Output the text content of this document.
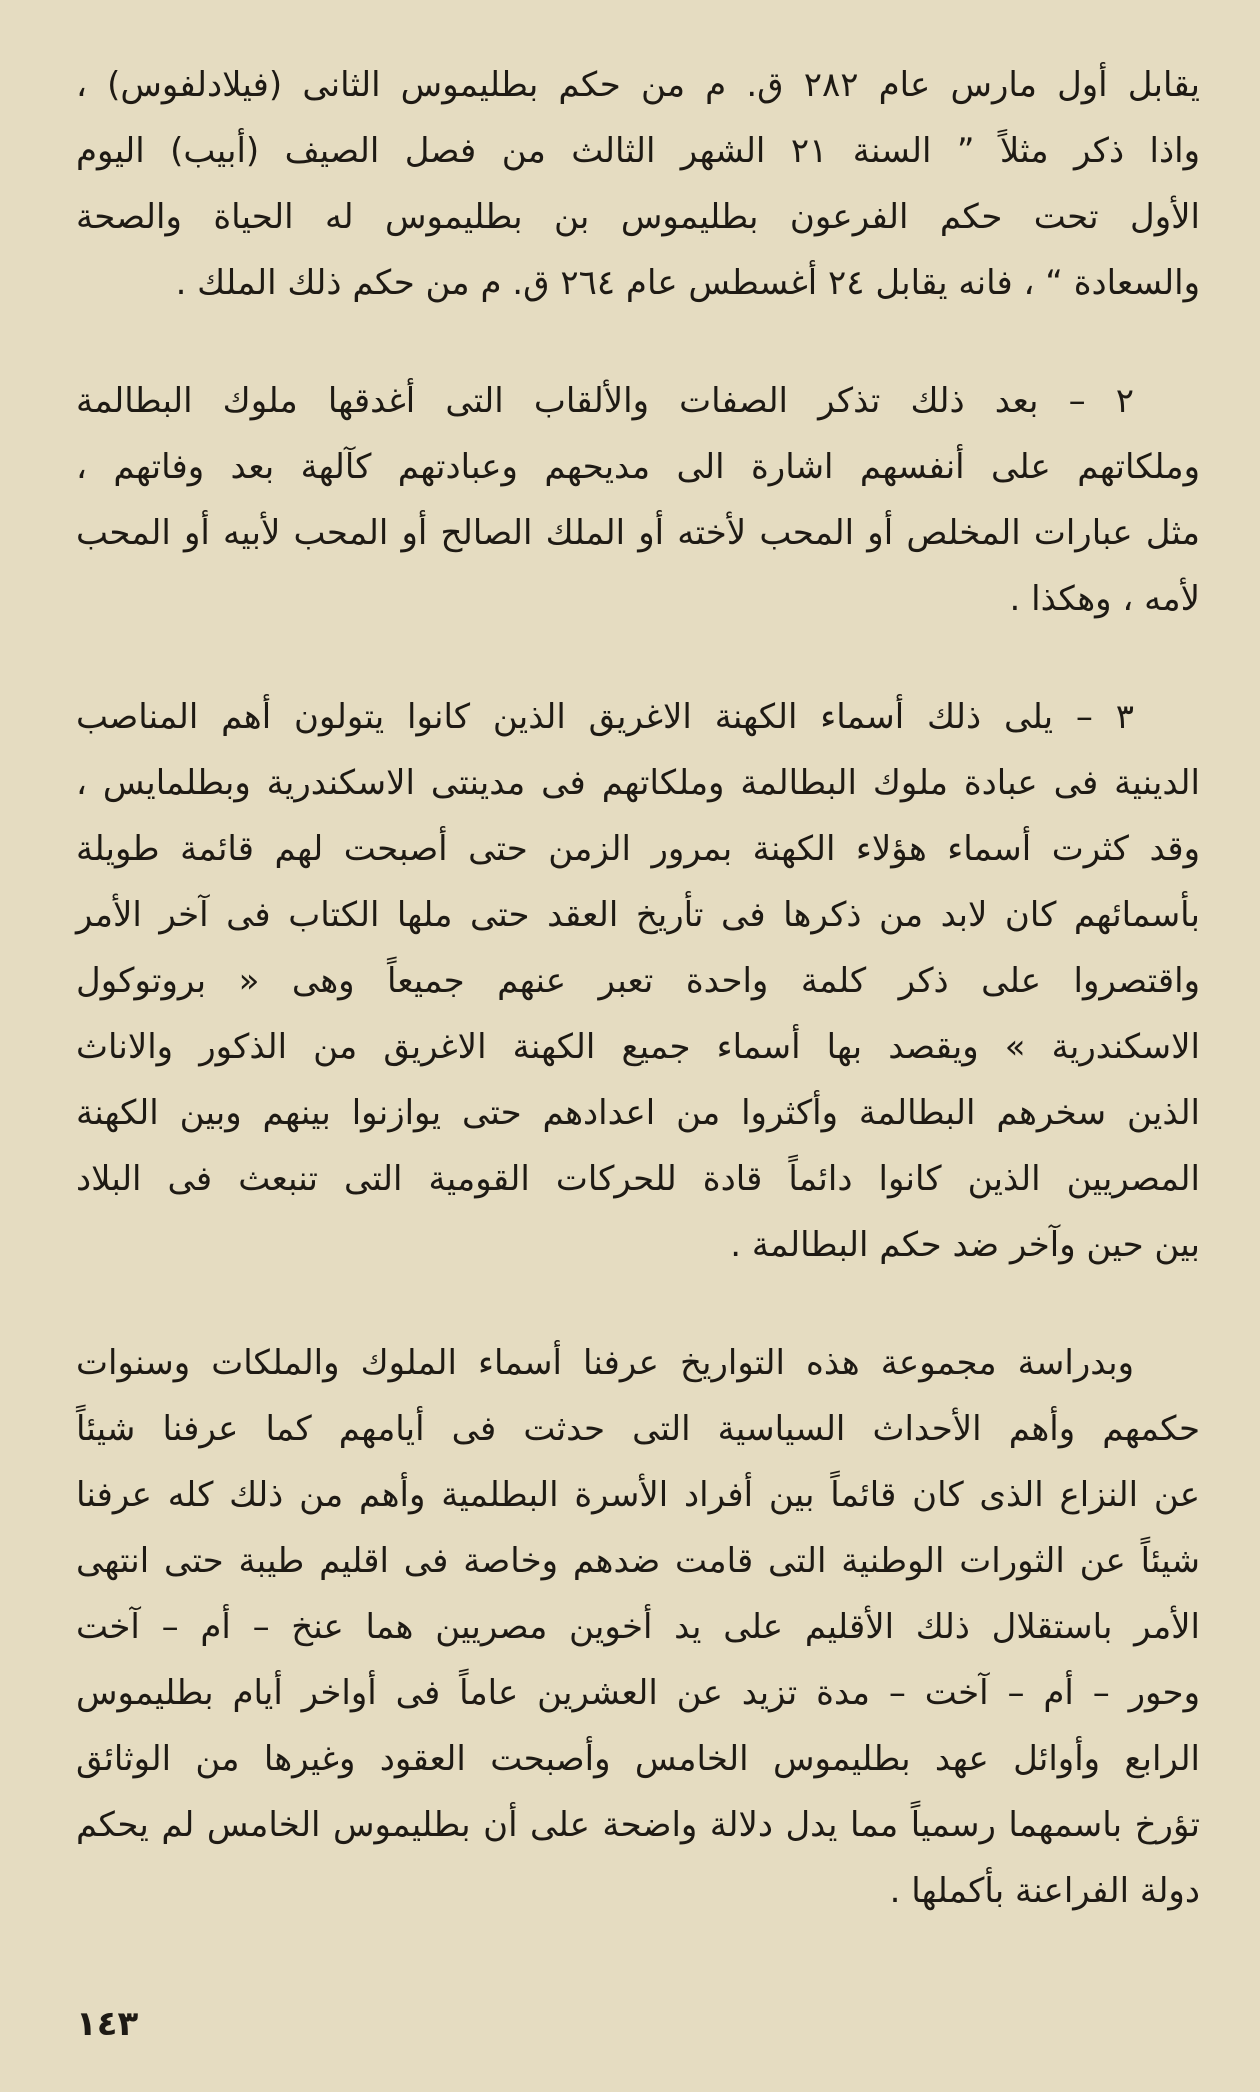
يقابل أول مارس عام ٢٨٢ ق. م من حكم بطليموس الثانى (فيلادلفوس) ،
واذا ذكر مثلاً ” السنة ٢١ الشهر الثالث من فصل الصيف (أبيب) اليوم
الأول تحت حكم الفرعون بطليموس بن بطليموس له الحياة والصحة
والسعادة “ ، فانه يقابل ٢٤ أغسطس عام ٢٦٤ ق. م من حكم ذلك الملك .

٢ – بعد ذلك تذكر الصفات والألقاب التى أغدقها ملوك البطالمة
وملكاتهم على أنفسهم اشارة الى مديحهم وعبادتهم كآلهة بعد وفاتهم ،
مثل عبارات المخلص أو المحب لأخته أو الملك الصالح أو المحب لأبيه أو المحب
لأمه ، وهكذا .

٣ – يلى ذلك أسماء الكهنة الاغريق الذين كانوا يتولون أهم المناصب
الدينية فى عبادة ملوك البطالمة وملكاتهم فى مدينتى الاسكندرية وبطلمايس ،
وقد كثرت أسماء هؤلاء الكهنة بمرور الزمن حتى أصبحت لهم قائمة طويلة
بأسمائهم كان لابد من ذكرها فى تأريخ العقد حتى ملها الكتاب فى آخر الأمر
واقتصروا على ذكر كلمة واحدة تعبر عنهم جميعاً وهى « بروتوكول
الاسكندرية » ويقصد بها أسماء جميع الكهنة الاغريق من الذكور والاناث
الذين سخرهم البطالمة وأكثروا من اعدادهم حتى يوازنوا بينهم وبين الكهنة
المصريين الذين كانوا دائماً قادة للحركات القومية التى تنبعث فى البلاد
بين حين وآخر ضد حكم البطالمة .

وبدراسة مجموعة هذه التواريخ عرفنا أسماء الملوك والملكات وسنوات
حكمهم وأهم الأحداث السياسية التى حدثت فى أيامهم كما عرفنا شيئاً
عن النزاع الذى كان قائماً بين أفراد الأسرة البطلمية وأهم من ذلك كله عرفنا
شيئاً عن الثورات الوطنية التى قامت ضدهم وخاصة فى اقليم طيبة حتى انتهى
الأمر باستقلال ذلك الأقليم على يد أخوين مصريين هما عنخ – أم – آخت
وحور – أم – آخت – مدة تزيد عن العشرين عاماً فى أواخر أيام بطليموس
الرابع وأوائل عهد بطليموس الخامس وأصبحت العقود وغيرها من الوثائق
تؤرخ باسمهما رسمياً مما يدل دلالة واضحة على أن بطليموس الخامس لم يحكم
دولة الفراعنة بأكملها .

١٤٣
